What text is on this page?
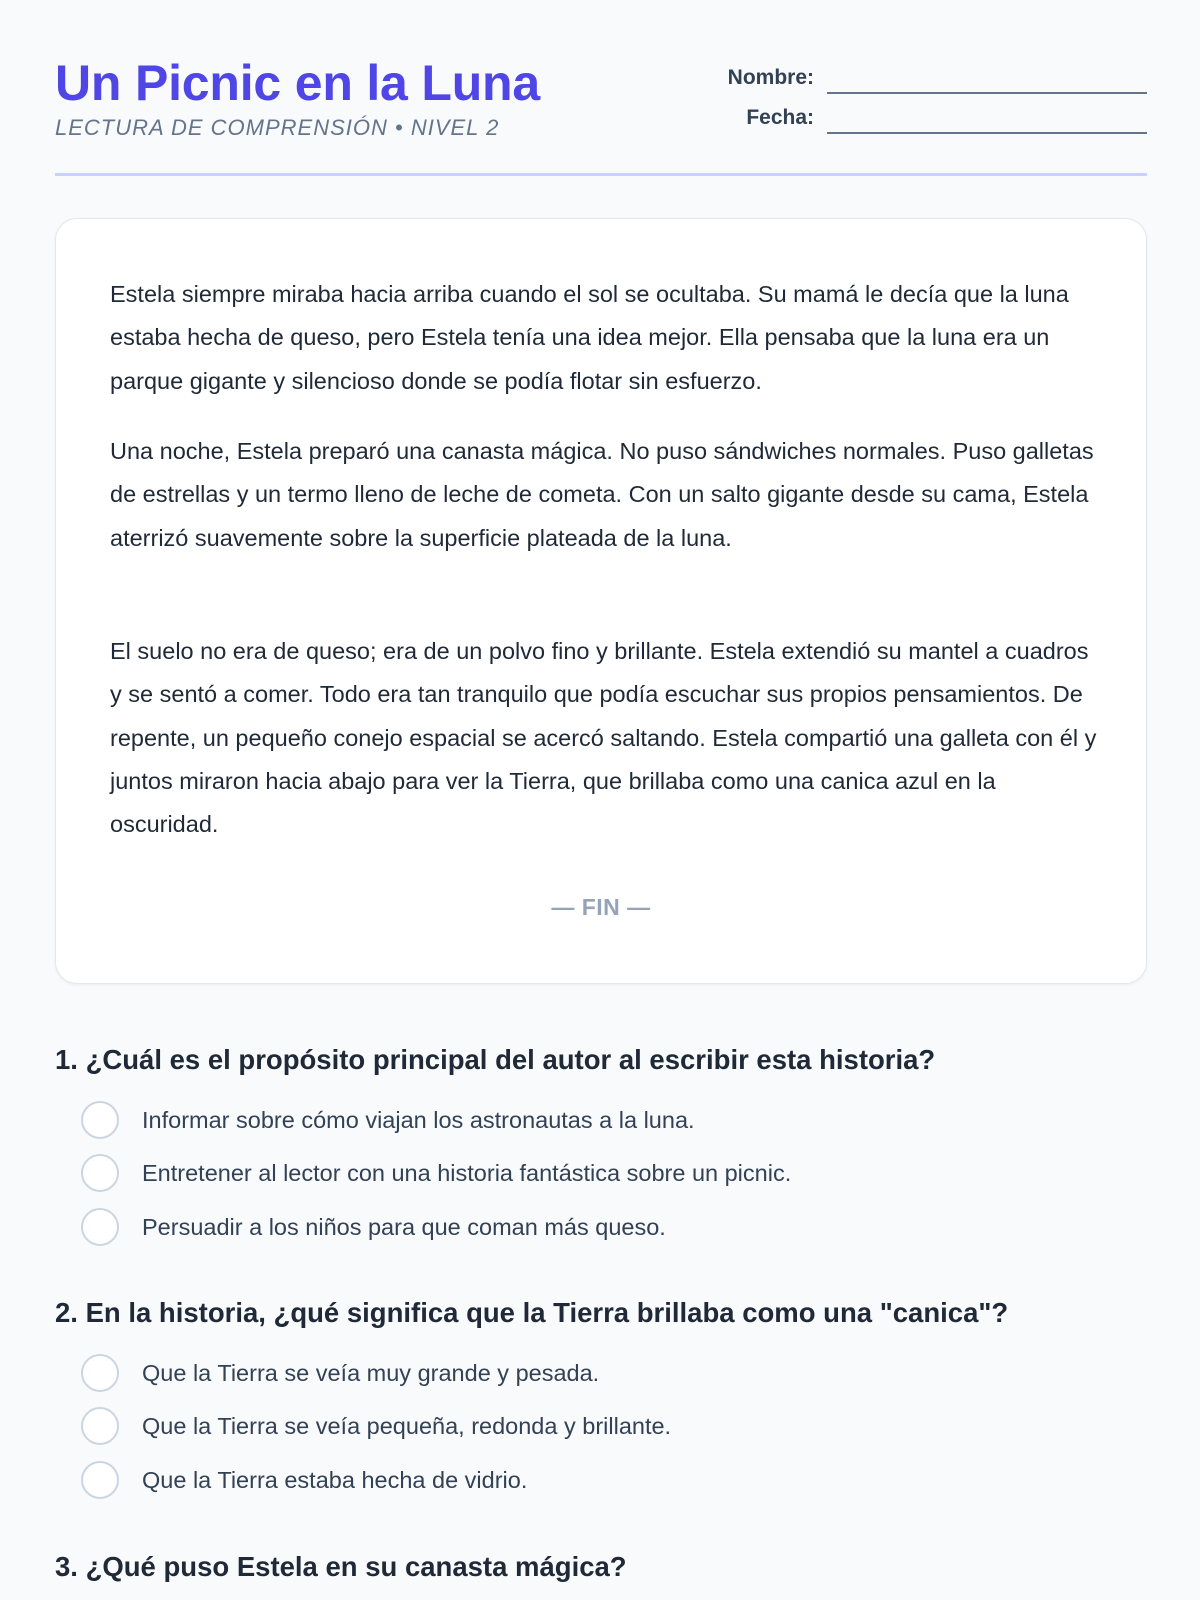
Un Picnic en la Luna
LECTURA DE COMPRENSIÓN • NIVEL 2
Nombre:
Fecha:

Estela siempre miraba hacia arriba cuando el sol se ocultaba. Su mamá le decía que la luna estaba hecha de queso, pero Estela tenía una idea mejor. Ella pensaba que la luna era un parque gigante y silencioso donde se podía flotar sin esfuerzo.

Una noche, Estela preparó una canasta mágica. No puso sándwiches normales. Puso galletas de estrellas y un termo lleno de leche de cometa. Con un salto gigante desde su cama, Estela aterrizó suavemente sobre la superficie plateada de la luna.

El suelo no era de queso; era de un polvo fino y brillante. Estela extendió su mantel a cuadros y se sentó a comer. Todo era tan tranquilo que podía escuchar sus propios pensamientos. De repente, un pequeño conejo espacial se acercó saltando. Estela compartió una galleta con él y juntos miraron hacia abajo para ver la Tierra, que brillaba como una canica azul en la oscuridad.

— FIN —
1. ¿Cuál es el propósito principal del autor al escribir esta historia?
Informar sobre cómo viajan los astronautas a la luna.
Entretener al lector con una historia fantástica sobre un picnic.
Persuadir a los niños para que coman más queso.
2. En la historia, ¿qué significa que la Tierra brillaba como una "canica"?
Que la Tierra se veía muy grande y pesada.
Que la Tierra se veía pequeña, redonda y brillante.
Que la Tierra estaba hecha de vidrio.
3. ¿Qué puso Estela en su canasta mágica?
